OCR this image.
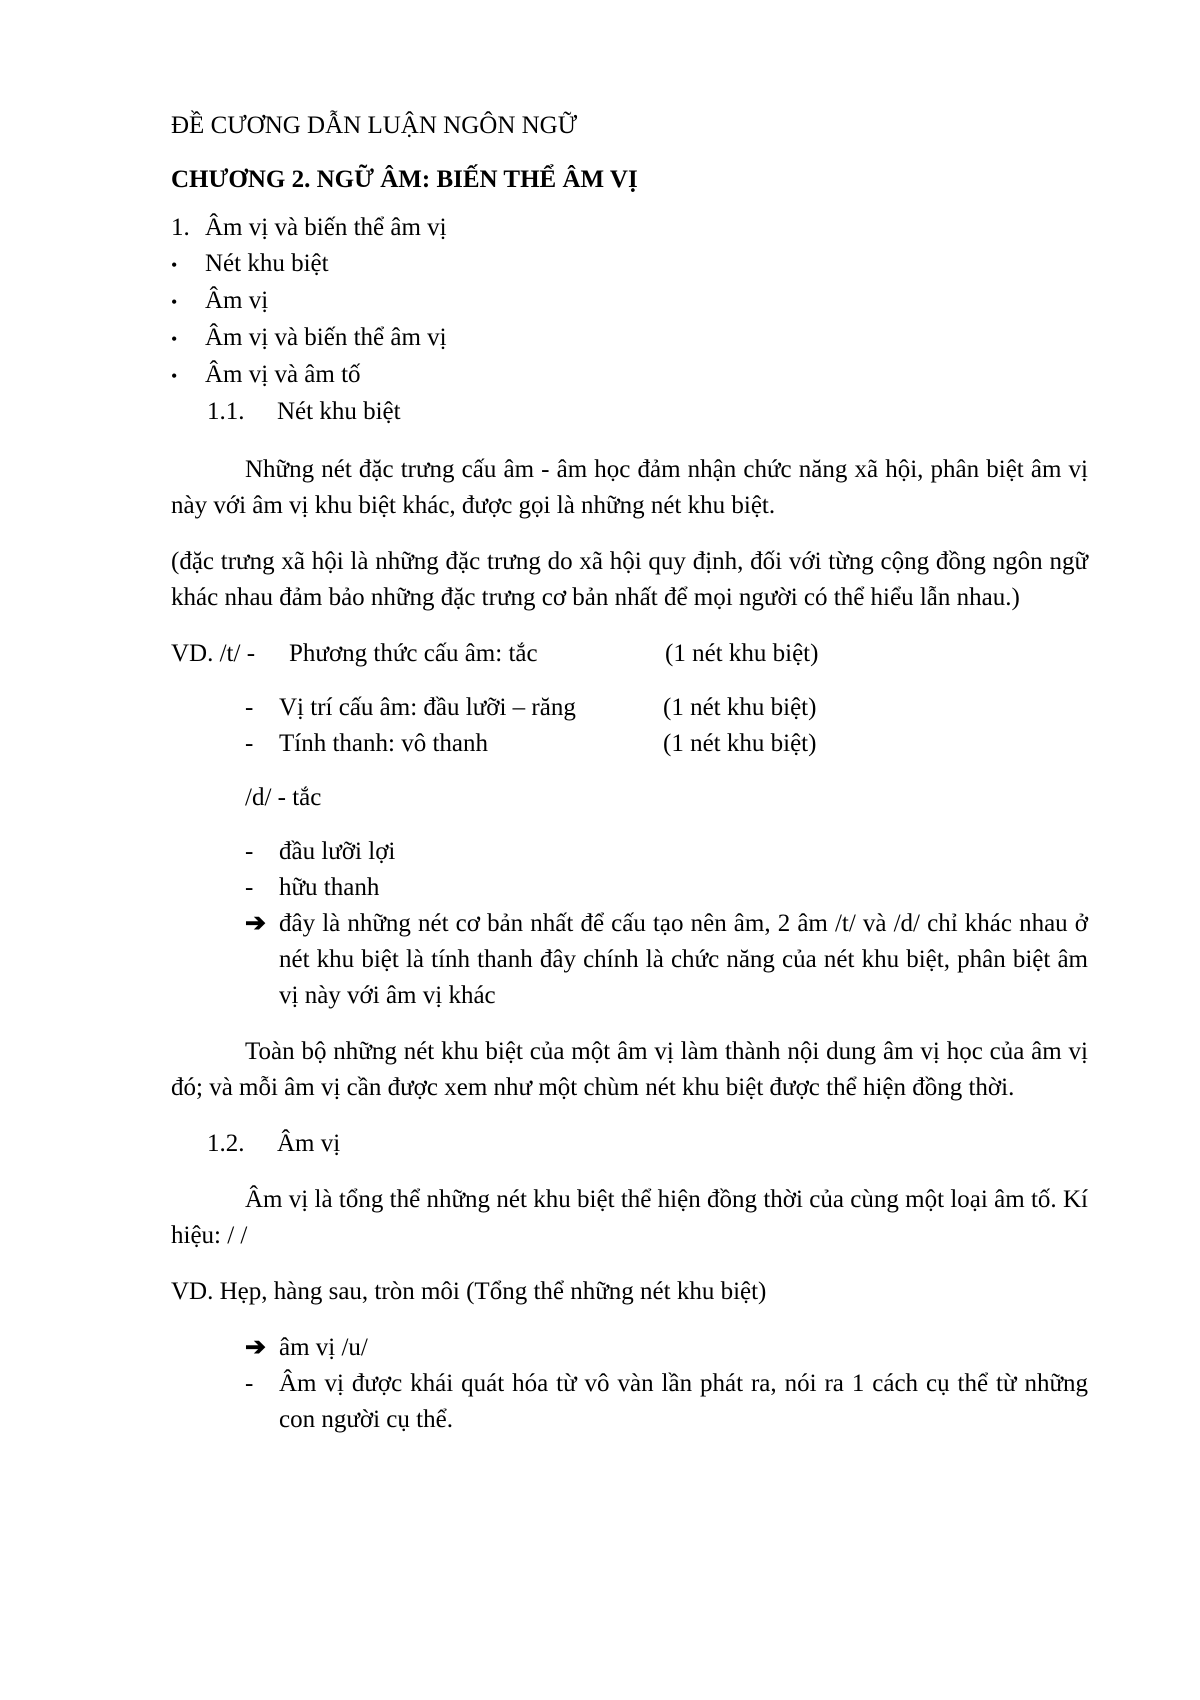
ĐỀ CƯƠNG DẪN LUẬN NGÔN NGỮ

CHƯƠNG 2. NGỮ ÂM: BIẾN THỂ ÂM VỊ

1. Âm vị và biến thể âm vị
•	Nét khu biệt
•	Âm vị
•	Âm vị và biến thể âm vị
•	Âm vị và âm tố
1.1.	Nét khu biệt

Những nét đặc trưng cấu âm - âm học đảm nhận chức năng xã hội, phân biệt âm vị này với âm vị khu biệt khác, được gọi là những nét khu biệt.

(đặc trưng xã hội là những đặc trưng do xã hội quy định, đối với từng cộng đồng ngôn ngữ khác nhau đảm bảo những đặc trưng cơ bản nhất để mọi người có thể hiểu lẫn nhau.)

VD. /t/ -	Phương thức cấu âm: tắc	(1 nét khu biệt)
-	Vị trí cấu âm: đầu lưỡi – răng	(1 nét khu biệt)
-	Tính thanh: vô thanh	(1 nét khu biệt)

/d/ - tắc

-	đầu lưỡi lợi
-	hữu thanh
➔ đây là những nét cơ bản nhất để cấu tạo nên âm, 2 âm /t/ và /d/ chỉ khác nhau ở nét khu biệt là tính thanh đây chính là chức năng của nét khu biệt, phân biệt âm vị này với âm vị khác

Toàn bộ những nét khu biệt của một âm vị làm thành nội dung âm vị học của âm vị đó; và mỗi âm vị cần được xem như một chùm nét khu biệt được thể hiện đồng thời.

1.2.	Âm vị

Âm vị là tổng thể những nét khu biệt thể hiện đồng thời của cùng một loại âm tố. Kí hiệu: / /

VD. Hẹp, hàng sau, tròn môi (Tổng thể những nét khu biệt)

➔ âm vị /u/
-	Âm vị được khái quát hóa từ vô vàn lần phát ra, nói ra 1 cách cụ thể từ những con người cụ thể.
